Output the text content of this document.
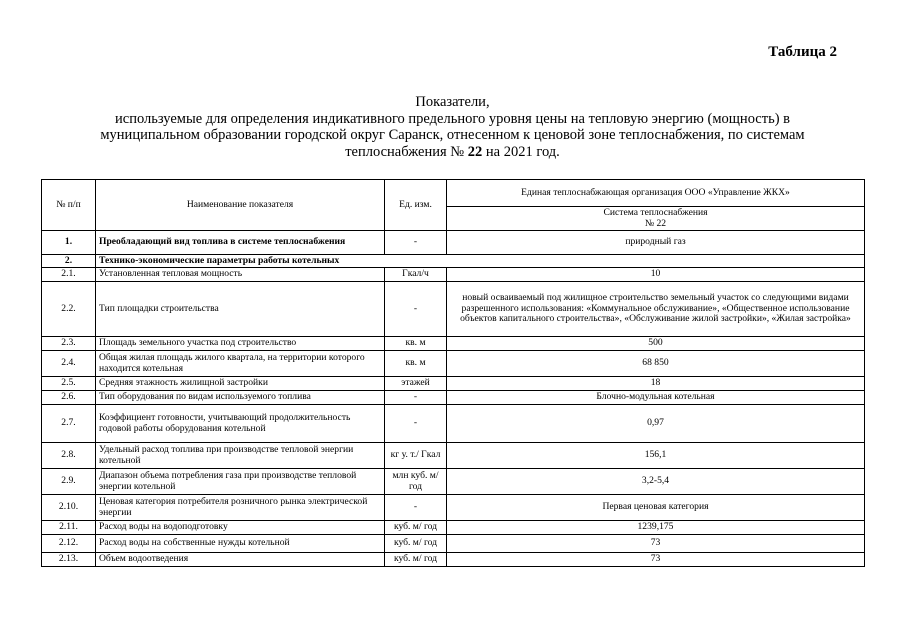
Таблица 2
Показатели,
используемые для определения индикативного предельного уровня цены на тепловую энергию (мощность) в
муниципальном образовании городской округ Саранск, отнесенном к ценовой зоне теплоснабжения, по системам
теплоснабжения № 22 на 2021 год.
№ п/п	Наименование показателя	Ед. изм.	Единая теплоснабжающая организация ООО «Управление ЖКХ»

			Система теплоснабжения
№ 22

1.	Преобладающий вид топлива в системе теплоснабжения	-	природный газ
2.	Технико-экономические параметры работы котельных		
2.1.	Установленная тепловая мощность	Гкал/ч	10
2.2.	Тип площадки строительства	-	новый осваиваемый под жилищное строительство земельный участок со следующими видами разрешенного использования: «Коммунальное обслуживание», «Общественное использование объектов капитального строительства», «Обслуживание жилой застройки», «Жилая застройка»
2.3.	Площадь земельного участка под строительство	кв. м	500
2.4.	Общая жилая площадь жилого квартала, на территории которого находится котельная	кв. м	68 850
2.5.	Средняя этажность жилищной застройки	этажей	18
2.6.	Тип оборудования по видам используемого топлива	-	Блочно-модульная котельная
2.7.	Коэффициент готовности, учитывающий продолжительность годовой работы оборудования котельной	-	0,97
2.8.	Удельный расход топлива при производстве тепловой энергии котельной	кг у. т./ Гкал	156,1
2.9.	Диапазон объема потребления газа при производстве тепловой энергии котельной	млн куб. м/год	3,2-5,4
2.10.	Ценовая категория потребителя розничного рынка электрической энергии	-	Первая ценовая категория
2.11.	Расход воды на водоподготовку	куб. м/ год	1239,175
2.12.	Расход воды на собственные нужды котельной	куб. м/ год	73
2.13.	Объем водоотведения	куб. м/ год	73
